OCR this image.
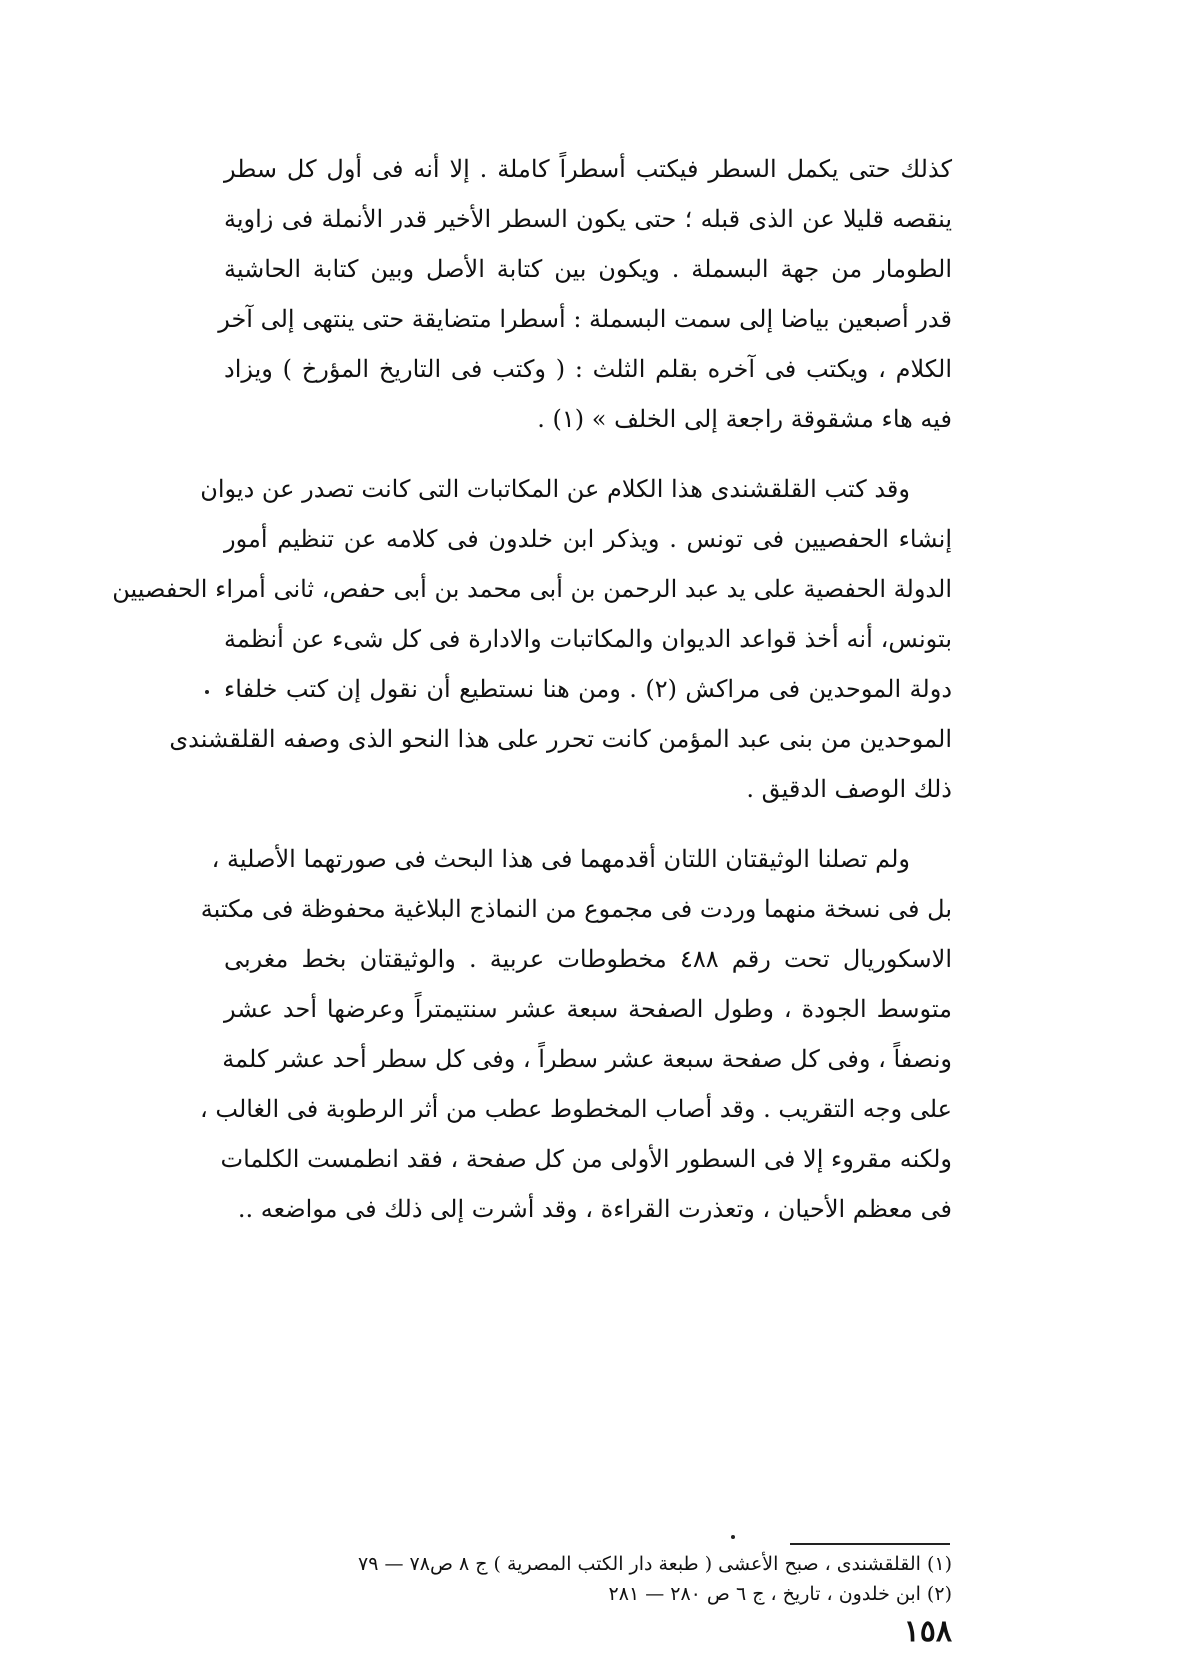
كذلك حتى يكمل السطر فيكتب أسطراً كاملة . إلا أنه فى أول كل سطر
ينقصه قليلا عن الذى قبله ؛ حتى يكون السطر الأخير قدر الأنملة فى زاوية
الطومار من جهة البسملة . ويكون بين كتابة الأصل وبين كتابة الحاشية
قدر أصبعين بياضا إلى سمت البسملة : أسطرا متضايقة حتى ينتهى إلى آخر
الكلام ، ويكتب فى آخره بقلم الثلث : ( وكتب فى التاريخ المؤرخ ) ويزاد
فيه هاء مشقوقة راجعة إلى الخلف » (١) .
وقد كتب القلقشندى هذا الكلام عن المكاتبات التى كانت تصدر عن ديوان
إنشاء الحفصيين فى تونس . ويذكر ابن خلدون فى كلامه عن تنظيم أمور
الدولة الحفصية على يد عبد الرحمن بن أبى محمد بن أبى حفص، ثانى أمراء الحفصيين
بتونس، أنه أخذ قواعد الديوان والمكاتبات والادارة فى كل شىء عن أنظمة
دولة الموحدين فى مراكش (٢) . ومن هنا نستطيع أن نقول إن كتب خلفاء
الموحدين من بنى عبد المؤمن كانت تحرر على هذا النحو الذى وصفه القلقشندى
ذلك الوصف الدقيق .
ولم تصلنا الوثيقتان اللتان أقدمهما فى هذا البحث فى صورتهما الأصلية ،
بل فى نسخة منهما وردت فى مجموع من النماذج البلاغية محفوظة فى مكتبة
الاسكوريال تحت رقم ٤٨٨ مخطوطات عربية . والوثيقتان بخط مغربى
متوسط الجودة ، وطول الصفحة سبعة عشر سنتيمتراً وعرضها أحد عشر
ونصفاً ، وفى كل صفحة سبعة عشر سطراً ، وفى كل سطر أحد عشر كلمة
على وجه التقريب . وقد أصاب المخطوط عطب من أثر الرطوبة فى الغالب ،
ولكنه مقروء إلا فى السطور الأولى من كل صفحة ، فقد انطمست الكلمات
فى معظم الأحيان ، وتعذرت القراءة ، وقد أشرت إلى ذلك فى مواضعه ..
(١) القلقشندى ، صبح الأعشى ( طبعة دار الكتب المصرية ) ج ٨ ص٧٨ — ٧٩
(٢) ابن خلدون ، تاريخ ، ج ٦ ص ٢٨٠ — ٢٨١
١٥٨
